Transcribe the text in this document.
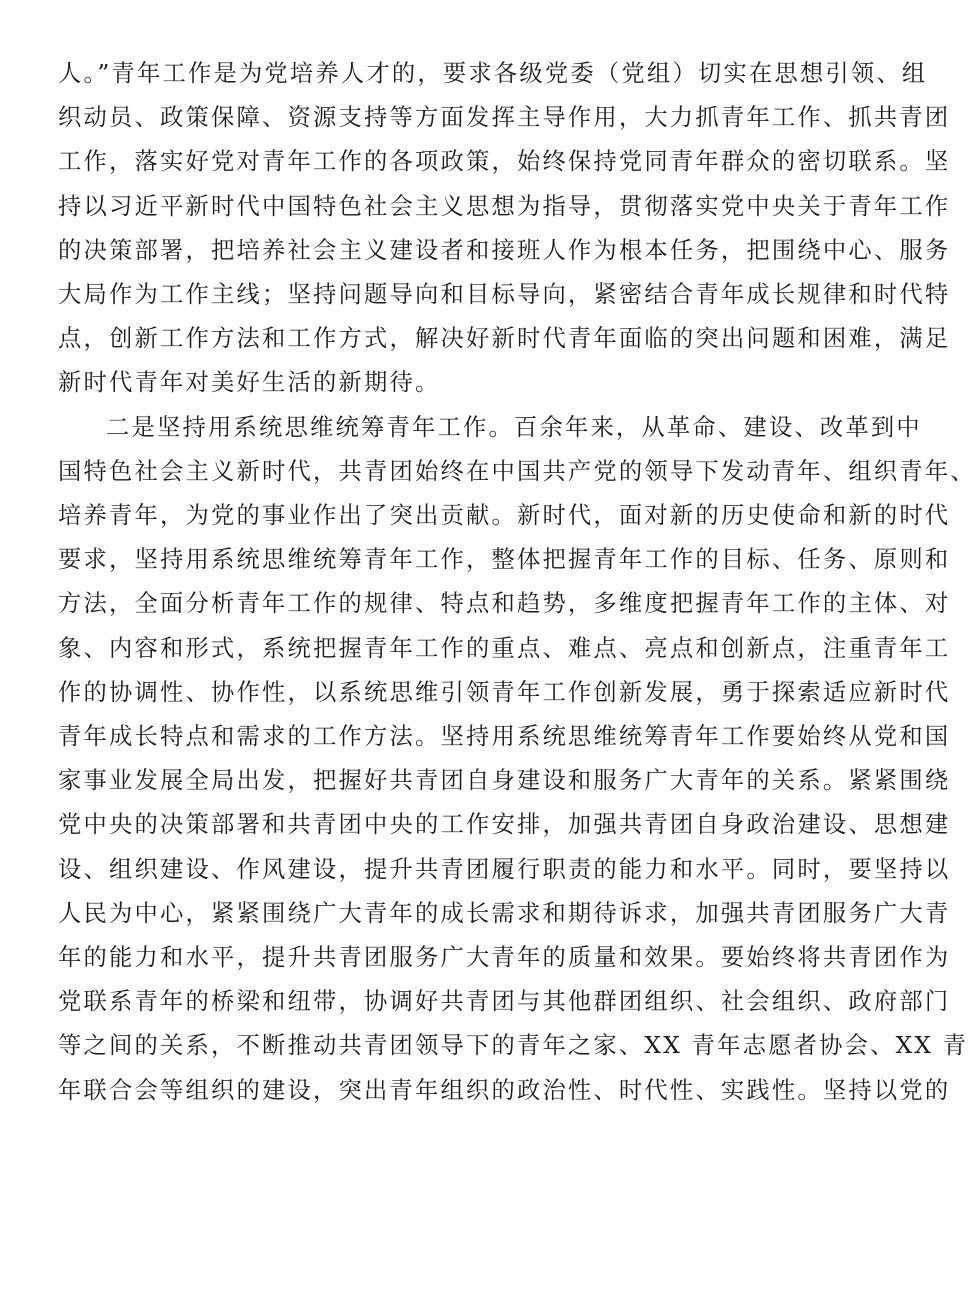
人。”青年工作是为党培养人才的，要求各级党委（党组）切实在思想引领、组
织动员、政策保障、资源支持等方面发挥主导作用，大力抓青年工作、抓共青团
工作，落实好党对青年工作的各项政策，始终保持党同青年群众的密切联系。坚
持以习近平新时代中国特色社会主义思想为指导，贯彻落实党中央关于青年工作
的决策部署，把培养社会主义建设者和接班人作为根本任务，把围绕中心、服务
大局作为工作主线；坚持问题导向和目标导向，紧密结合青年成长规律和时代特
点，创新工作方法和工作方式，解决好新时代青年面临的突出问题和困难，满足
新时代青年对美好生活的新期待。
二是坚持用系统思维统筹青年工作。百余年来，从革命、建设、改革到中
国特色社会主义新时代，共青团始终在中国共产党的领导下发动青年、组织青年、
培养青年，为党的事业作出了突出贡献。新时代，面对新的历史使命和新的时代
要求，坚持用系统思维统筹青年工作，整体把握青年工作的目标、任务、原则和
方法，全面分析青年工作的规律、特点和趋势，多维度把握青年工作的主体、对
象、内容和形式，系统把握青年工作的重点、难点、亮点和创新点，注重青年工
作的协调性、协作性，以系统思维引领青年工作创新发展，勇于探索适应新时代
青年成长特点和需求的工作方法。坚持用系统思维统筹青年工作要始终从党和国
家事业发展全局出发，把握好共青团自身建设和服务广大青年的关系。紧紧围绕
党中央的决策部署和共青团中央的工作安排，加强共青团自身政治建设、思想建
设、组织建设、作风建设，提升共青团履行职责的能力和水平。同时，要坚持以
人民为中心，紧紧围绕广大青年的成长需求和期待诉求，加强共青团服务广大青
年的能力和水平，提升共青团服务广大青年的质量和效果。要始终将共青团作为
党联系青年的桥梁和纽带，协调好共青团与其他群团组织、社会组织、政府部门
等之间的关系，不断推动共青团领导下的青年之家、XX 青年志愿者协会、XX 青
年联合会等组织的建设，突出青年组织的政治性、时代性、实践性。坚持以党的
